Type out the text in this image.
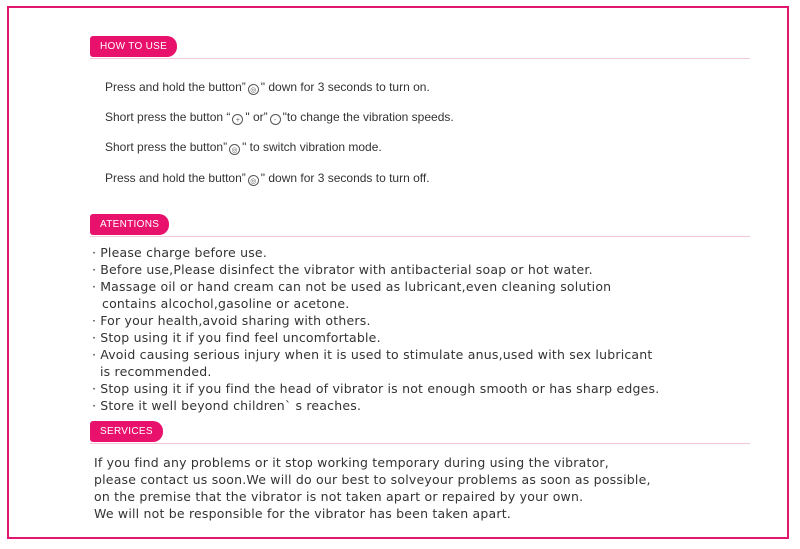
HOW TO USE
Press and hold the button” ◎ " down for 3 seconds to turn on.
Short press the button “ + " or” - "to change the vibration speeds.
Short press the button” ◎ " to switch vibration mode.
Press and hold the button” ◎ " down for 3 seconds to turn off.
ATENTIONS
· Please charge before use.
· Before use,Please disinfect the vibrator with antibacterial soap or hot water.
· Massage oil or hand cream can not be used as lubricant,even cleaning solution
contains alcochol,gasoline or acetone.
· For your health,avoid sharing with others.
· Stop using it if you find feel uncomfortable.
· Avoid causing serious injury when it is used to stimulate anus,used with sex lubricant
is recommended.
· Stop using it if you find the head of vibrator is not enough smooth or has sharp edges.
· Store it well beyond children` s reaches.
SERVICES
If you find any problems or it stop working temporary during using the vibrator,
please contact us soon.We will do our best to solveyour problems as soon as possible,
on the premise that the vibrator is not taken apart or repaired by your own.
We will not be responsible for the vibrator has been taken apart.
